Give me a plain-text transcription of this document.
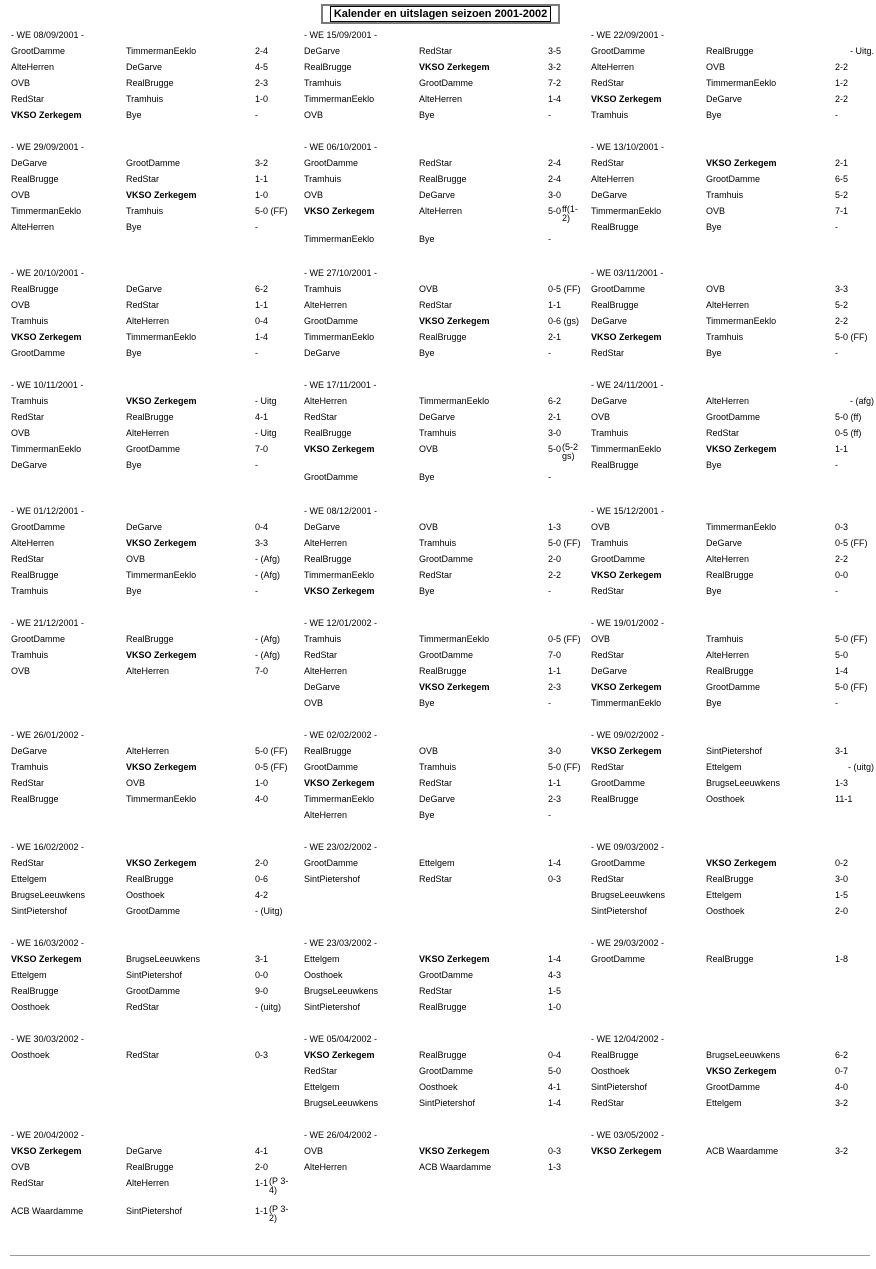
Kalender en uitslagen seizoen 2001-2002
- WE 08/09/2001 -
GrootDamme	TimmermanEeklo	2-4
AlteHerren	DeGarve	4-5
OVB	RealBrugge	2-3
RedStar	Tramhuis	1-0
VKSO Zerkegem	Bye	-
- WE 15/09/2001 -
DeGarve	RedStar	3-5
RealBrugge	VKSO Zerkegem	3-2
Tramhuis	GrootDamme	7-2
TimmermanEeklo	AlteHerren	1-4
OVB	Bye	-
- WE 22/09/2001 -
GrootDamme	RealBrugge	- Uitg.
AlteHerren	OVB	2-2
RedStar	TimmermanEeklo	1-2
VKSO Zerkegem	DeGarve	2-2
Tramhuis	Bye	-
- WE 29/09/2001 -
DeGarve	GrootDamme	3-2
RealBrugge	RedStar	1-1
OVB	VKSO Zerkegem	1-0
TimmermanEeklo	Tramhuis	5-0 (FF)
AlteHerren	Bye	-
- WE 06/10/2001 -
GrootDamme	RedStar	2-4
Tramhuis	RealBrugge	2-4
OVB	DeGarve	3-0
VKSO Zerkegem	AlteHerren	5-0ff(1-2)
TimmermanEeklo	Bye	-
- WE 13/10/2001 -
RedStar	VKSO Zerkegem	2-1
AlteHerren	GrootDamme	6-5
DeGarve	Tramhuis	5-2
TimmermanEeklo	OVB	7-1
RealBrugge	Bye	-
- WE 20/10/2001 -
RealBrugge	DeGarve	6-2
OVB	RedStar	1-1
Tramhuis	AlteHerren	0-4
VKSO Zerkegem	TimmermanEeklo	1-4
GrootDamme	Bye	-
- WE 27/10/2001 -
Tramhuis	OVB	0-5 (FF)
AlteHerren	RedStar	1-1
GrootDamme	VKSO Zerkegem	0-6 (gs)
TimmermanEeklo	RealBrugge	2-1
DeGarve	Bye	-
- WE 03/11/2001 -
GrootDamme	OVB	3-3
RealBrugge	AlteHerren	5-2
DeGarve	TimmermanEeklo	2-2
VKSO Zerkegem	Tramhuis	5-0 (FF)
RedStar	Bye	-
- WE 10/11/2001 -
Tramhuis	VKSO Zerkegem	- Uitg
RedStar	RealBrugge	4-1
OVB	AlteHerren	- Uitg
TimmermanEeklo	GrootDamme	7-0
DeGarve	Bye	-
- WE 17/11/2001 -
AlteHerren	TimmermanEeklo	6-2
RedStar	DeGarve	2-1
RealBrugge	Tramhuis	3-0
VKSO Zerkegem	OVB	5-0(5-2 gs)
GrootDamme	Bye	-
- WE 24/11/2001 -
DeGarve	AlteHerren	- (afg)
OVB	GrootDamme	5-0 (ff)
Tramhuis	RedStar	0-5 (ff)
TimmermanEeklo	VKSO Zerkegem	1-1
RealBrugge	Bye	-
- WE 01/12/2001 -
GrootDamme	DeGarve	0-4
AlteHerren	VKSO Zerkegem	3-3
RedStar	OVB	- (Afg)
RealBrugge	TimmermanEeklo	- (Afg)
Tramhuis	Bye	-
- WE 08/12/2001 -
DeGarve	OVB	1-3
AlteHerren	Tramhuis	5-0 (FF)
RealBrugge	GrootDamme	2-0
TimmermanEeklo	RedStar	2-2
VKSO Zerkegem	Bye	-
- WE 15/12/2001 -
OVB	TimmermanEeklo	0-3
Tramhuis	DeGarve	0-5 (FF)
GrootDamme	AlteHerren	2-2
VKSO Zerkegem	RealBrugge	0-0
RedStar	Bye	-
- WE 21/12/2001 -
GrootDamme	RealBrugge	- (Afg)
Tramhuis	VKSO Zerkegem	- (Afg)
OVB	AlteHerren	7-0
- WE 12/01/2002 -
Tramhuis	TimmermanEeklo	0-5 (FF)
RedStar	GrootDamme	7-0
AlteHerren	RealBrugge	1-1
DeGarve	VKSO Zerkegem	2-3
OVB	Bye	-
- WE 19/01/2002 -
OVB	Tramhuis	5-0 (FF)
RedStar	AlteHerren	5-0
DeGarve	RealBrugge	1-4
VKSO Zerkegem	GrootDamme	5-0 (FF)
TimmermanEeklo	Bye	-
- WE 26/01/2002 -
DeGarve	AlteHerren	5-0 (FF)
Tramhuis	VKSO Zerkegem	0-5 (FF)
RedStar	OVB	1-0
RealBrugge	TimmermanEeklo	4-0
- WE 02/02/2002 -
RealBrugge	OVB	3-0
GrootDamme	Tramhuis	5-0 (FF)
VKSO Zerkegem	RedStar	1-1
TimmermanEeklo	DeGarve	2-3
AlteHerren	Bye	-
- WE 09/02/2002 -
VKSO Zerkegem	SintPietershof	3-1
RedStar	Ettelgem	- (uitg)
GrootDamme	BrugseLeeuwkens	1-3
RealBrugge	Oosthoek	11-1
- WE 16/02/2002 -
RedStar	VKSO Zerkegem	2-0
Ettelgem	RealBrugge	0-6
BrugseLeeuwkens	Oosthoek	4-2
SintPietershof	GrootDamme	- (Uitg)
- WE 23/02/2002 -
GrootDamme	Ettelgem	1-4
SintPietershof	RedStar	0-3
- WE 09/03/2002 -
GrootDamme	VKSO Zerkegem	0-2
RedStar	RealBrugge	3-0
BrugseLeeuwkens	Ettelgem	1-5
SintPietershof	Oosthoek	2-0
- WE 16/03/2002 -
VKSO Zerkegem	BrugseLeeuwkens	3-1
Ettelgem	SintPietershof	0-0
RealBrugge	GrootDamme	9-0
Oosthoek	RedStar	- (uitg)
- WE 23/03/2002 -
Ettelgem	VKSO Zerkegem	1-4
Oosthoek	GrootDamme	4-3
BrugseLeeuwkens	RedStar	1-5
SintPietershof	RealBrugge	1-0
- WE 29/03/2002 -
GrootDamme	RealBrugge	1-8
- WE 30/03/2002 -
Oosthoek	RedStar	0-3
- WE 05/04/2002 -
VKSO Zerkegem	RealBrugge	0-4
RedStar	GrootDamme	5-0
Ettelgem	Oosthoek	4-1
BrugseLeeuwkens	SintPietershof	1-4
- WE 12/04/2002 -
RealBrugge	BrugseLeeuwkens	6-2
Oosthoek	VKSO Zerkegem	0-7
SintPietershof	GrootDamme	4-0
RedStar	Ettelgem	3-2
- WE 20/04/2002 -
VKSO Zerkegem	DeGarve	4-1
OVB	RealBrugge	2-0
RedStar	AlteHerren	1-1(P 3-4)
ACB Waardamme	SintPietershof	1-1(P 3-2)
- WE 26/04/2002 -
OVB	VKSO Zerkegem	0-3
AlteHerren	ACB Waardamme	1-3
- WE 03/05/2002 -
VKSO Zerkegem	ACB Waardamme	3-2
